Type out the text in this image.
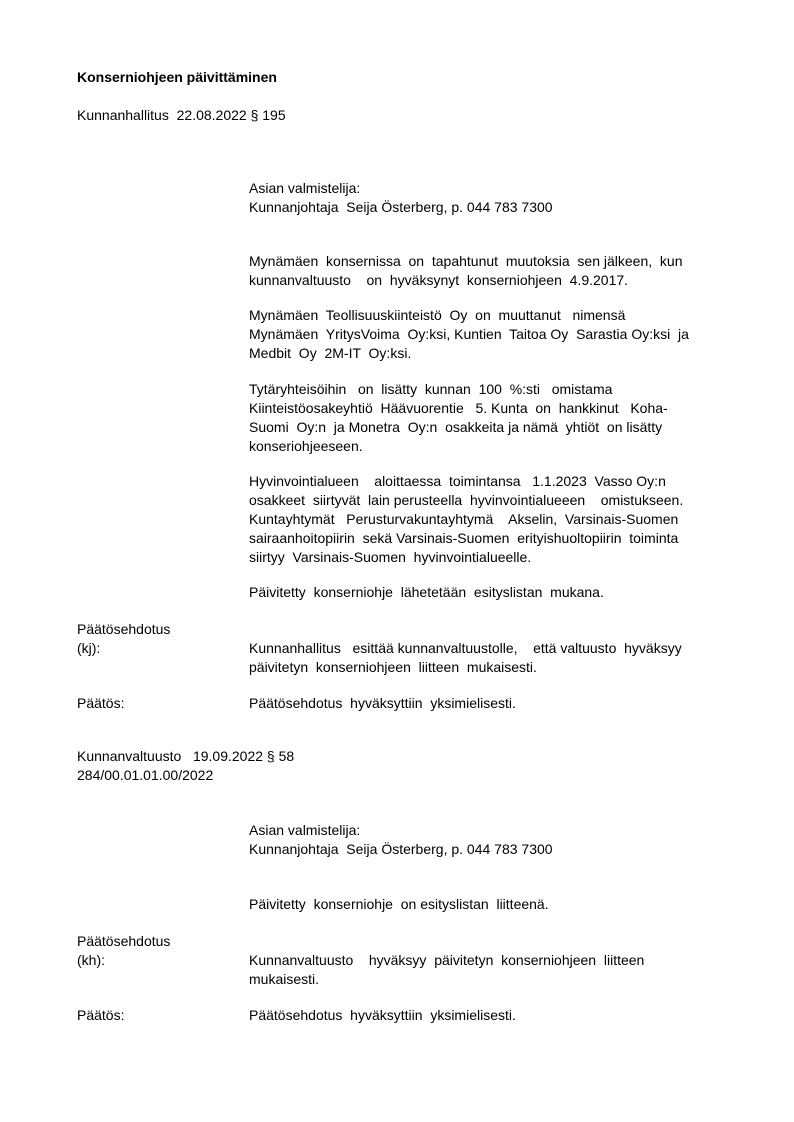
Konserniohjeen päivittäminen
Kunnanhallitus  22.08.2022 § 195
Asian valmistelija:
Kunnanjohtaja  Seija Österberg, p. 044 783 7300
Mynämäen  konsernissa  on  tapahtunut  muutoksia  sen jälkeen,  kun
kunnanvaltuusto    on  hyväksynyt  konserniohjeen  4.9.2017.
Mynämäen  Teollisuuskiinteistö  Oy  on  muuttanut   nimensä
Mynämäen  YritysVoima  Oy:ksi, Kuntien  Taitoa Oy  Sarastia Oy:ksi  ja
Medbit  Oy  2M-IT  Oy:ksi.
Tytäryhteisöihin   on  lisätty  kunnan  100  %:sti   omistama
Kiinteistöosakeyhtiö  Häävuorentie   5. Kunta  on  hankkinut   Koha-
Suomi  Oy:n  ja Monetra  Oy:n  osakkeita ja nämä  yhtiöt  on lisätty
konseriohjeeseen.
Hyvinvointialueen    aloittaessa  toimintansa   1.1.2023  Vasso Oy:n
osakkeet  siirtyvät  lain perusteella  hyvinvointialueeen    omistukseen.
Kuntayhtymät   Perusturvakuntayhtymä    Akselin,  Varsinais-Suomen
sairaanhoitopiirin  sekä Varsinais-Suomen  erityishuoltopiirin  toiminta
siirtyy  Varsinais-Suomen  hyvinvointialueelle.
Päivitetty  konserniohje  lähetetään  esityslistan  mukana.
Päätösehdotus
(kj):	Kunnanhallitus   esittää kunnanvaltuustolle,    että valtuusto  hyväksyy
päivitetyn  konserniohjeen  liitteen  mukaisesti.
Päätös:	Päätösehdotus  hyväksyttiin  yksimielisesti.
Kunnanvaltuusto   19.09.2022 § 58
284/00.01.01.00/2022
Asian valmistelija:
Kunnanjohtaja  Seija Österberg, p. 044 783 7300
Päivitetty  konserniohje  on esityslistan  liitteenä.
Päätösehdotus
(kh):	Kunnanvaltuusto    hyväksyy  päivitetyn  konserniohjeen  liitteen
mukaisesti.
Päätös:	Päätösehdotus  hyväksyttiin  yksimielisesti.
